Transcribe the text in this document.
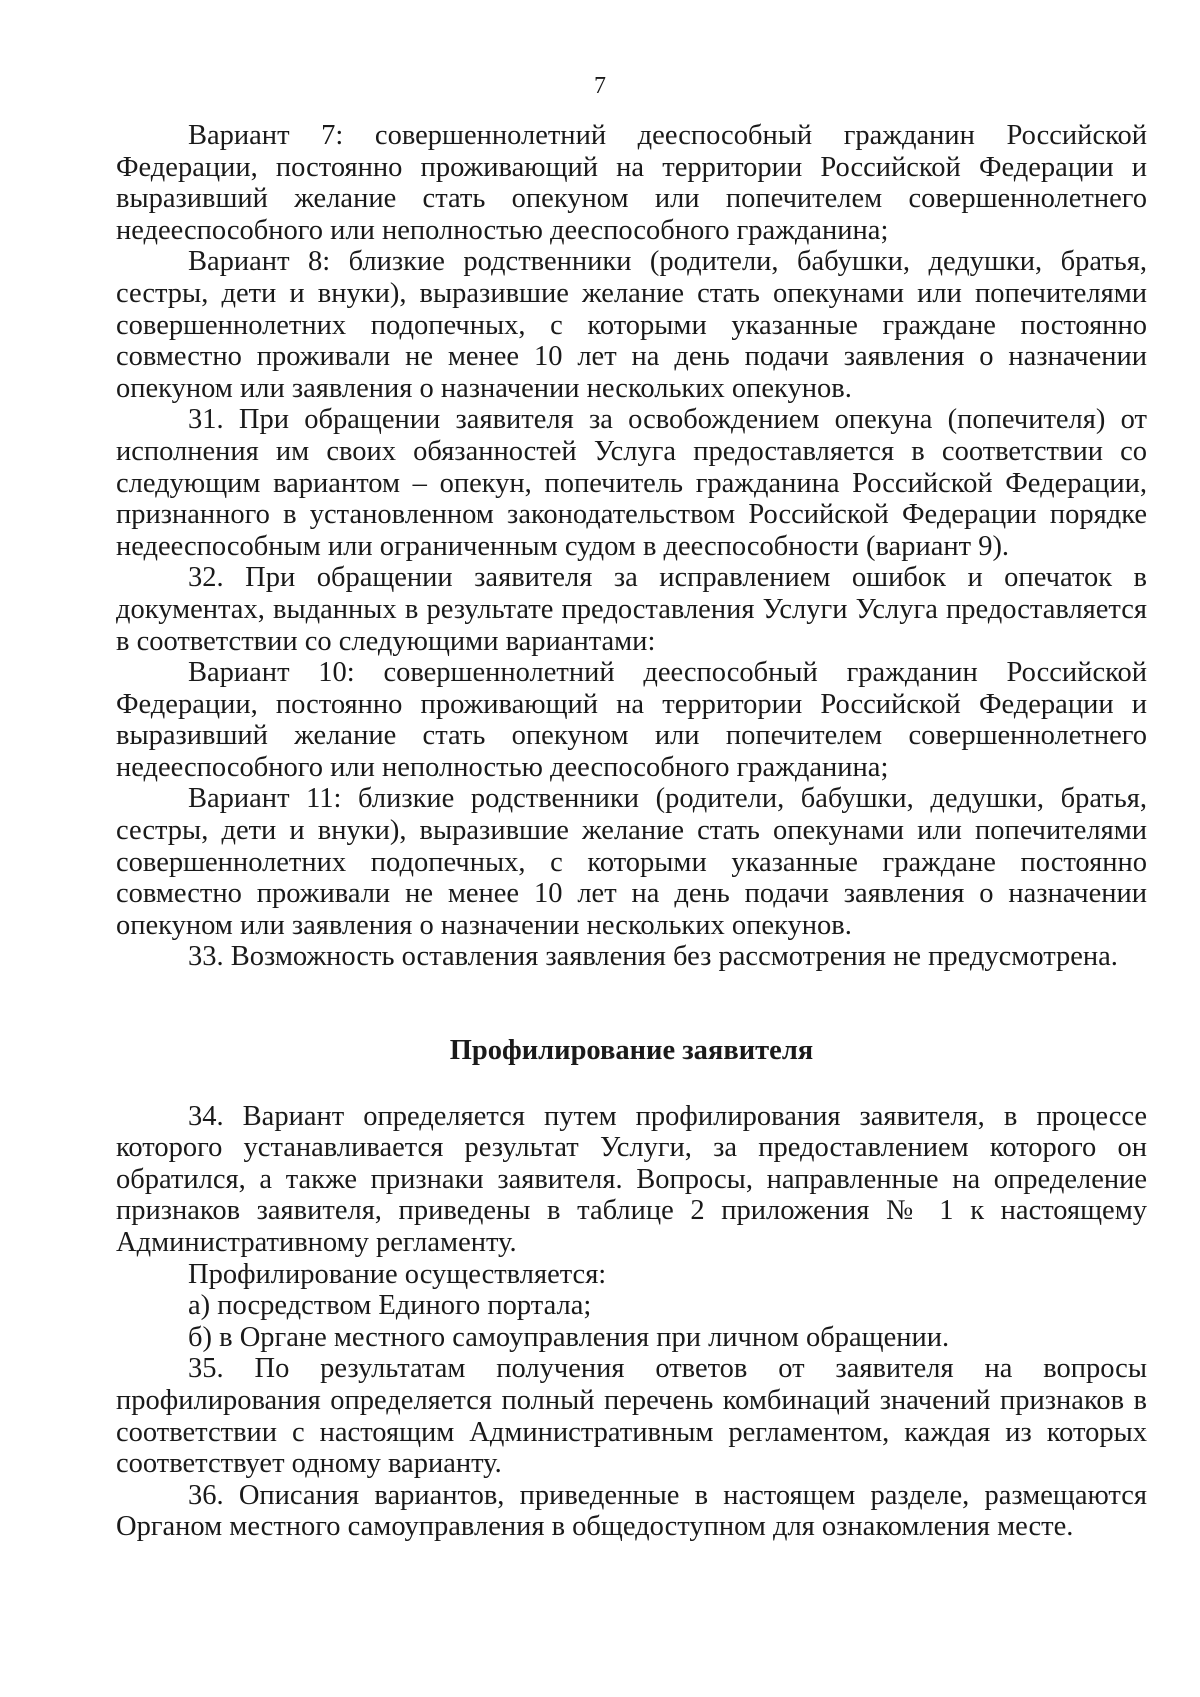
7

Вариант 7: совершеннолетний дееспособный гражданин Российской Федерации, постоянно проживающий на территории Российской Федерации и выразивший желание стать опекуном или попечителем совершеннолетнего недееспособного или неполностью дееспособного гражданина;

Вариант 8: близкие родственники (родители, бабушки, дедушки, братья, сестры, дети и внуки), выразившие желание стать опекунами или попечителями совершеннолетних подопечных, с которыми указанные граждане постоянно совместно проживали не менее 10 лет на день подачи заявления о назначении опекуном или заявления о назначении нескольких опекунов.

31. При обращении заявителя за освобождением опекуна (попечителя) от исполнения им своих обязанностей Услуга предоставляется в соответствии со следующим вариантом – опекун, попечитель гражданина Российской Федерации, признанного в установленном законодательством Российской Федерации порядке недееспособным или ограниченным судом в дееспособности (вариант 9).

32. При обращении заявителя за исправлением ошибок и опечаток в документах, выданных в результате предоставления Услуги Услуга предоставляется в соответствии со следующими вариантами:

Вариант 10: совершеннолетний дееспособный гражданин Российской Федерации, постоянно проживающий на территории Российской Федерации и выразивший желание стать опекуном или попечителем совершеннолетнего недееспособного или неполностью дееспособного гражданина;

Вариант 11: близкие родственники (родители, бабушки, дедушки, братья, сестры, дети и внуки), выразившие желание стать опекунами или попечителями совершеннолетних подопечных, с которыми указанные граждане постоянно совместно проживали не менее 10 лет на день подачи заявления о назначении опекуном или заявления о назначении нескольких опекунов.

33. Возможность оставления заявления без рассмотрения не предусмотрена.

Профилирование заявителя

34. Вариант определяется путем профилирования заявителя, в процессе которого устанавливается результат Услуги, за предоставлением которого он обратился, а также признаки заявителя. Вопросы, направленные на определение признаков заявителя, приведены в таблице 2 приложения № 1 к настоящему Административному регламенту.

Профилирование осуществляется:

а) посредством Единого портала;

б) в Органе местного самоуправления при личном обращении.

35. По результатам получения ответов от заявителя на вопросы профилирования определяется полный перечень комбинаций значений признаков в соответствии с настоящим Административным регламентом, каждая из которых соответствует одному варианту.

36. Описания вариантов, приведенные в настоящем разделе, размещаются Органом местного самоуправления в общедоступном для ознакомления месте.
